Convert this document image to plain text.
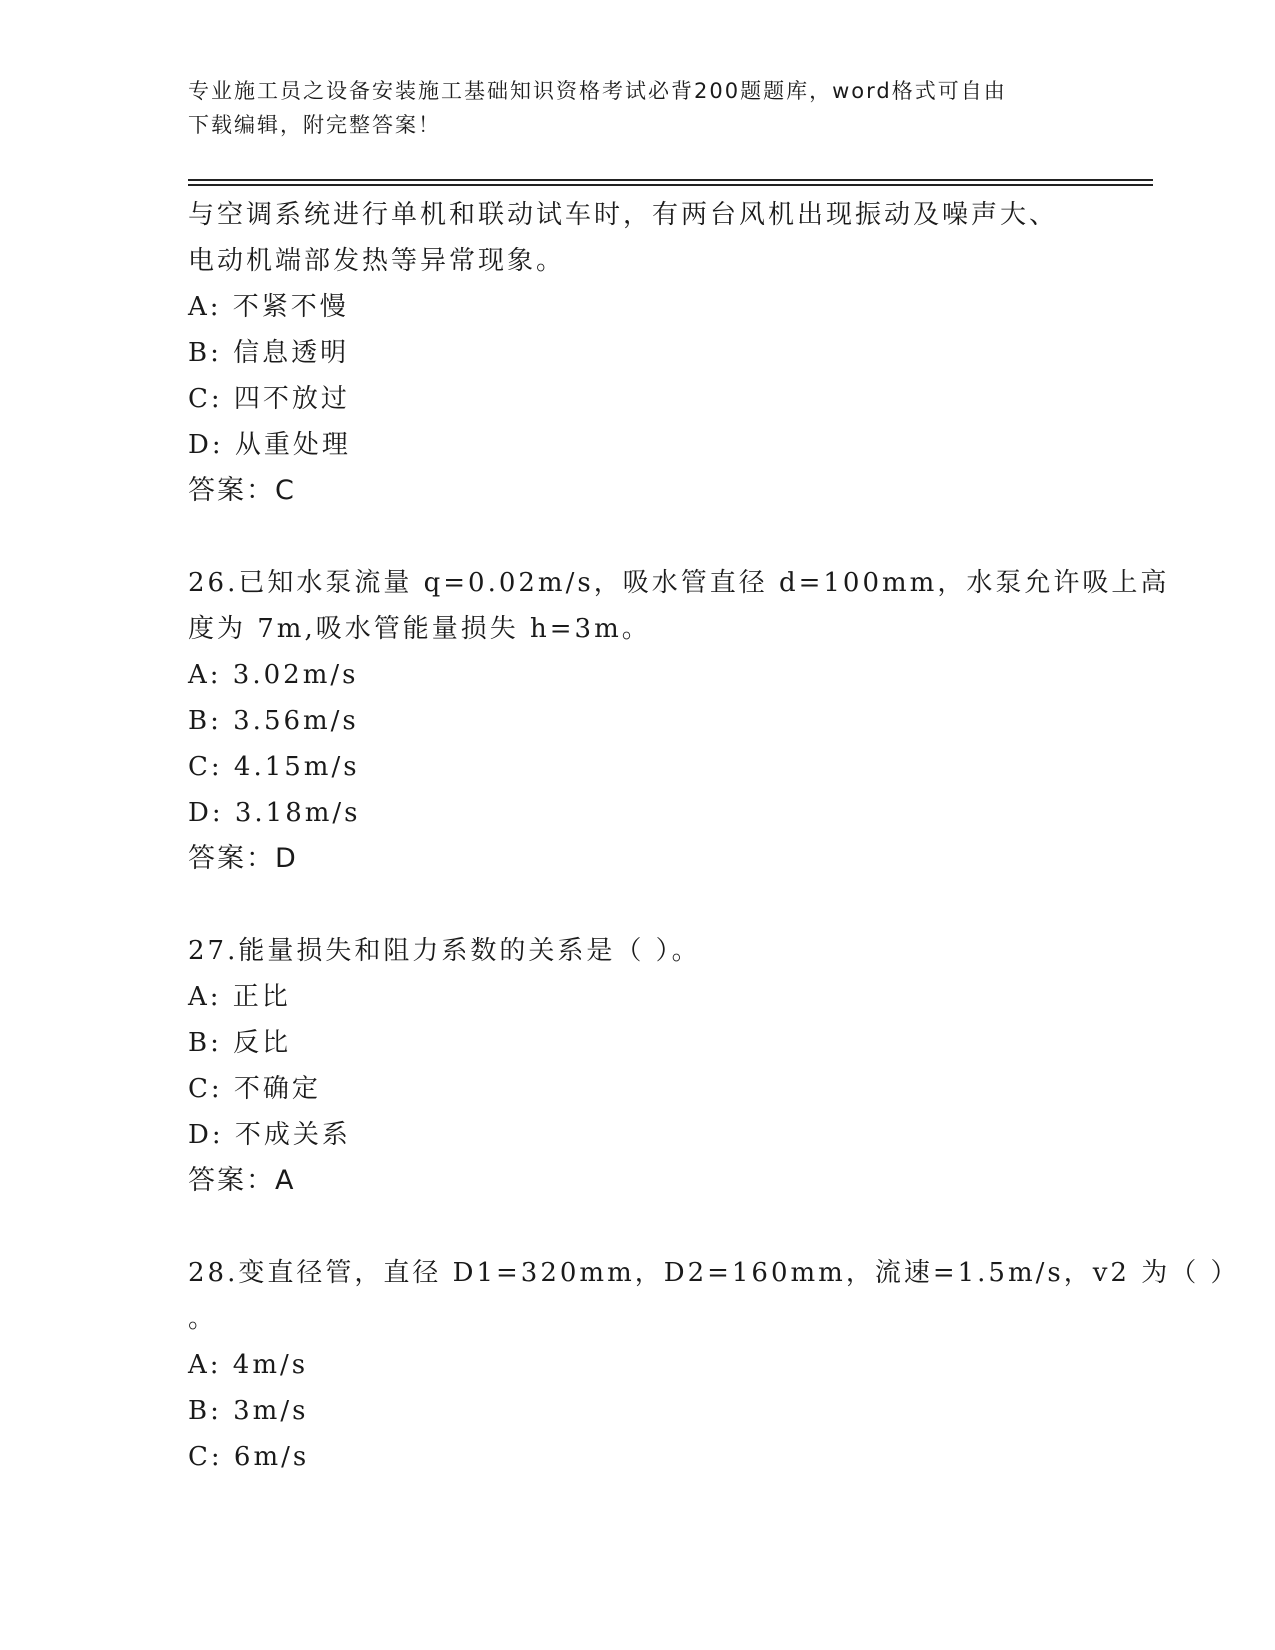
专业施工员之设备安装施工基础知识资格考试必背200题题库，word格式可自由
下载编辑，附完整答案！
与空调系统进行单机和联动试车时，有两台风机出现振动及噪声大、
电动机端部发热等异常现象。
A: 不紧不慢
B: 信息透明
C: 四不放过
D: 从重处理
答案：C
26.已知水泵流量 q=0.02m/s，吸水管直径 d=100mm，水泵允许吸上高
度为 7m,吸水管能量损失 h=3m。
A: 3.02m/s
B: 3.56m/s
C: 4.15m/s
D: 3.18m/s
答案：D
27.能量损失和阻力系数的关系是（ ）。
A: 正比
B: 反比
C: 不确定
D: 不成关系
答案：A
28.变直径管，直径 D1=320mm，D2=160mm，流速=1.5m/s，v2 为（ ）
。
A: 4m/s
B: 3m/s
C: 6m/s
